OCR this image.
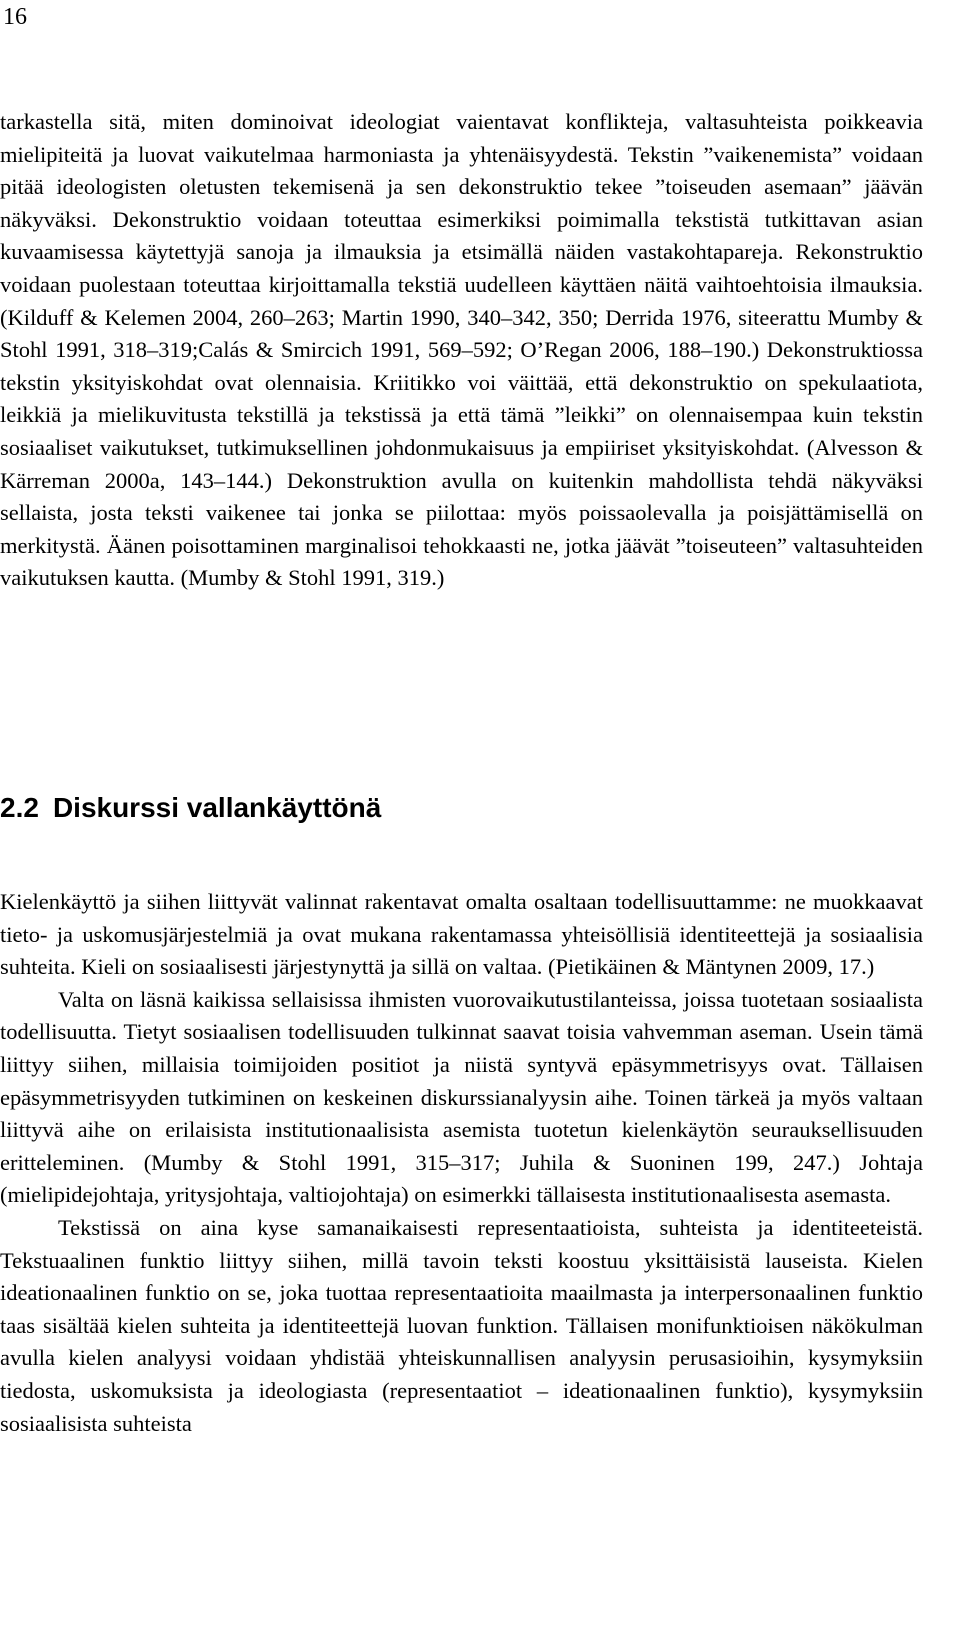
16

tarkastella sitä, miten dominoivat ideologiat vaientavat konflikteja, valtasuhteista poikkeavia mielipiteitä ja luovat vaikutelmaa harmoniasta ja yhtenäisyydestä. Tekstin ”vaikenemista” voidaan pitää ideologisten oletusten tekemisenä ja sen dekonstruktio tekee ”toiseuden asemaan” jäävän näkyväksi. Dekonstruktio voidaan toteuttaa esimerkiksi poimimalla tekstistä tutkittavan asian kuvaamisessa käytettyjä sanoja ja ilmauksia ja etsimällä näiden vastakohtapareja. Rekonstruktio voidaan puolestaan toteuttaa kirjoittamalla tekstiä uudelleen käyttäen näitä vaihtoehtoisia ilmauksia. (Kilduff & Kelemen 2004, 260–263; Martin 1990, 340–342, 350; Derrida 1976, siteerattu Mumby & Stohl 1991, 318–319;Calás & Smircich 1991, 569–592; O’Regan 2006, 188–190.) Dekonstruktiossa tekstin yksityiskohdat ovat olennaisia. Kriitikko voi väittää, että dekonstruktio on spekulaatiota, leikkiä ja mielikuvitusta tekstillä ja tekstissä ja että tämä ”leikki” on olennaisempaa kuin tekstin sosiaaliset vaikutukset, tutkimuksellinen johdonmukaisuus ja empiiriset yksityiskohdat. (Alvesson & Kärreman 2000a, 143–144.) Dekonstruktion avulla on kuitenkin mahdollista tehdä näkyväksi sellaista, josta teksti vaikenee tai jonka se piilottaa: myös poissaolevalla ja poisjättämisellä on merkitystä. Äänen poisottaminen marginalisoi tehokkaasti ne, jotka jäävät ”toiseuteen” valtasuhteiden vaikutuksen kautta. (Mumby & Stohl 1991, 319.)

2.2 Diskurssi vallankäyttönä

Kielenkäyttö ja siihen liittyvät valinnat rakentavat omalta osaltaan todellisuuttamme: ne muokkaavat tieto- ja uskomusjärjestelmiä ja ovat mukana rakentamassa yhteisöllisiä identiteettejä ja sosiaalisia suhteita. Kieli on sosiaalisesti järjestynyttä ja sillä on valtaa. (Pietikäinen & Mäntynen 2009, 17.)

Valta on läsnä kaikissa sellaisissa ihmisten vuorovaikutustilanteissa, joissa tuotetaan sosiaalista todellisuutta. Tietyt sosiaalisen todellisuuden tulkinnat saavat toisia vahvemman aseman. Usein tämä liittyy siihen, millaisia toimijoiden positiot ja niistä syntyvä epäsymmetrisyys ovat. Tällaisen epäsymmetrisyyden tutkiminen on keskeinen diskurssianalyysin aihe. Toinen tärkeä ja myös valtaan liittyvä aihe on erilaisista institutionaalisista asemista tuotetun kielenkäytön seurauksellisuuden eritteleminen. (Mumby & Stohl 1991, 315–317; Juhila & Suoninen 199, 247.) Johtaja (mielipidejohtaja, yritysjohtaja, valtiojohtaja) on esimerkki tällaisesta institutionaalisesta asemasta.

Tekstissä on aina kyse samanaikaisesti representaatioista, suhteista ja identiteeteistä. Tekstuaalinen funktio liittyy siihen, millä tavoin teksti koostuu yksittäisistä lauseista. Kielen ideationaalinen funktio on se, joka tuottaa representaatioita maailmasta ja interpersonaalinen funktio taas sisältää kielen suhteita ja identiteettejä luovan funktion. Tällaisen monifunktioisen näkökulman avulla kielen analyysi voidaan yhdistää yhteiskunnallisen analyysin perusasioihin, kysymyksiin tiedosta, uskomuksista ja ideologiasta (representaatiot – ideationaalinen funktio), kysymyksiin sosiaalisista suhteista
